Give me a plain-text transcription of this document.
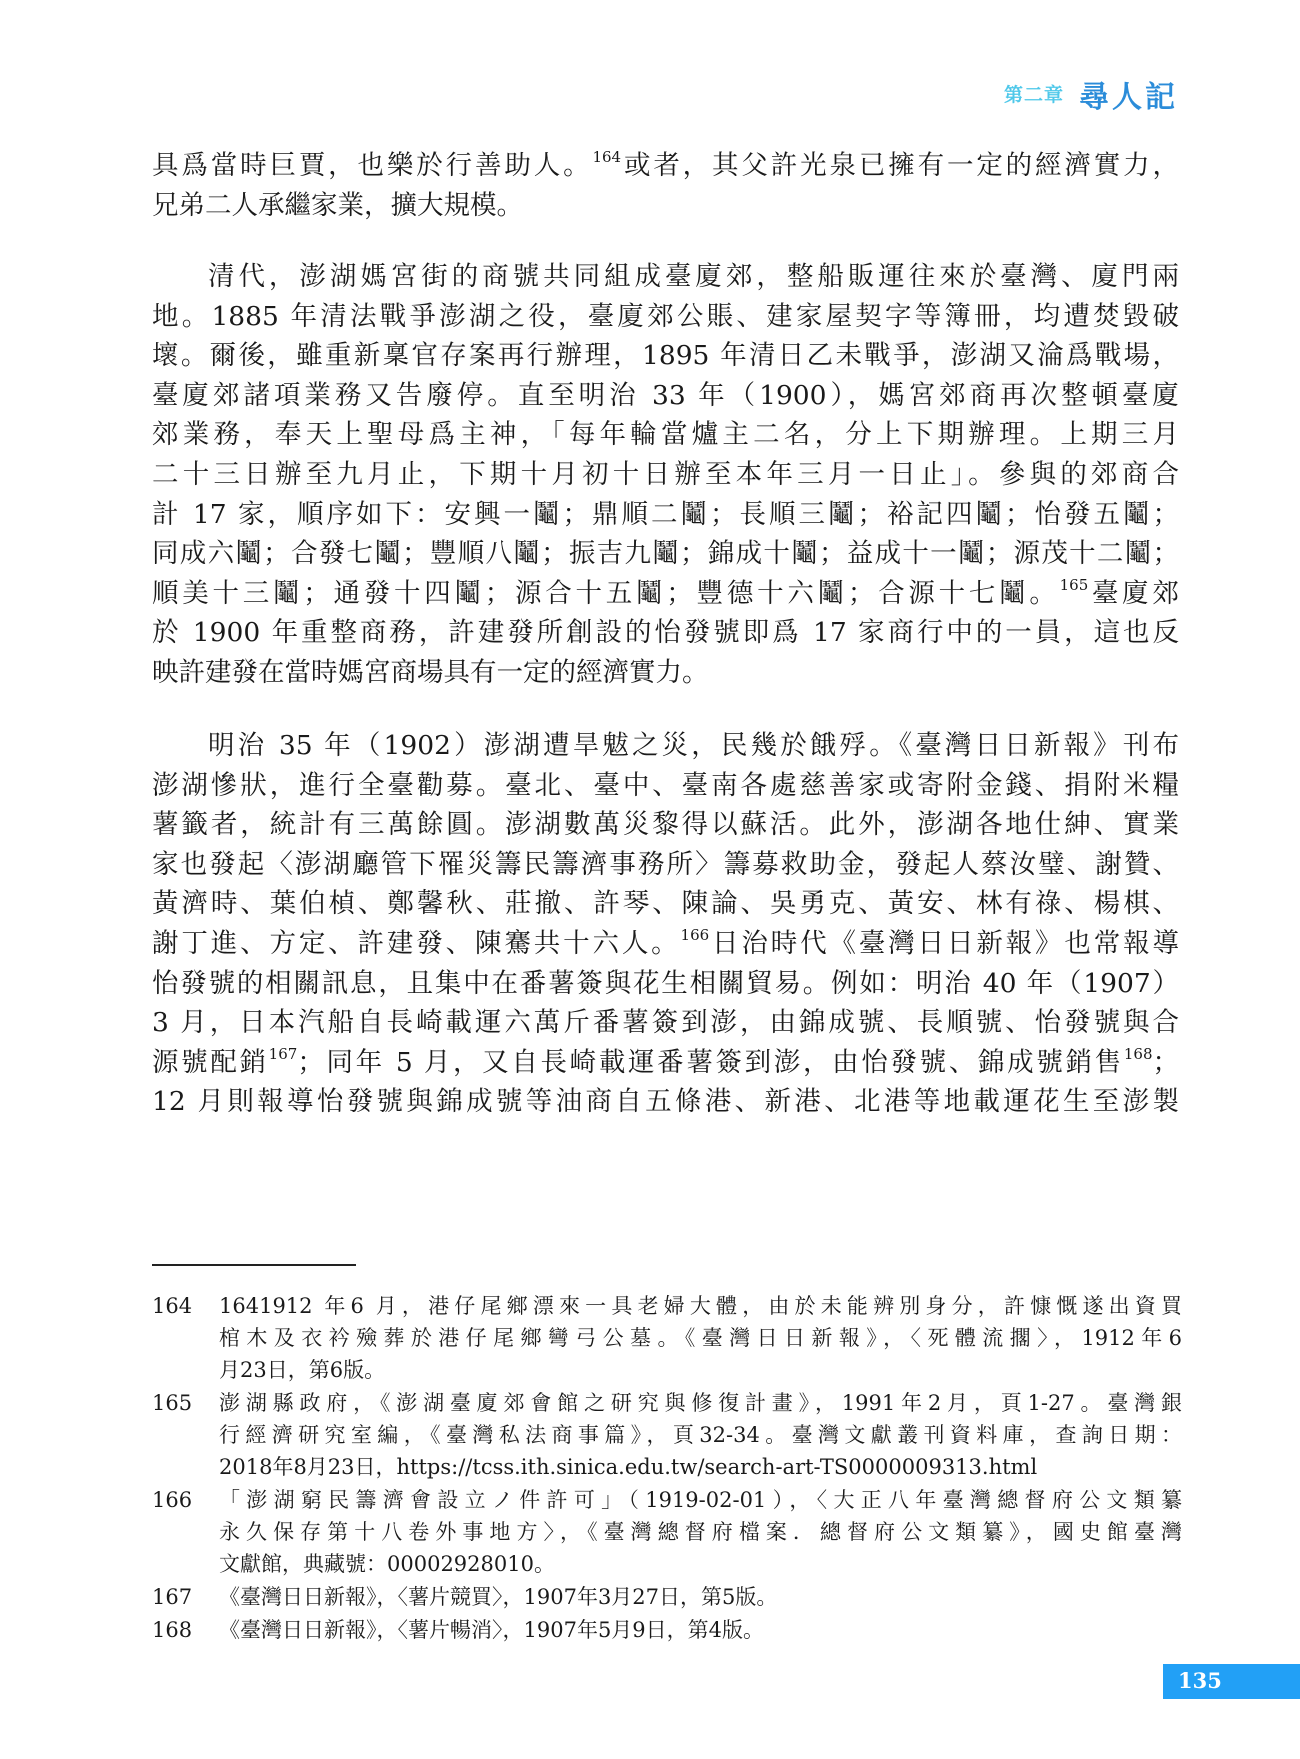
第二章 尋人記
具爲當時巨賈，也樂於行善助人。$^{164}$或者，其父許光泉已擁有一定的經濟實力，
兄弟二人承繼家業，擴大規模。
清代，澎湖媽宮街的商號共同組成臺廈郊，整船販運往來於臺灣、廈門兩
地。1885 年清法戰爭澎湖之役，臺廈郊公賬、建家屋契字等簿冊，均遭焚毀破
壞。爾後，雖重新稟官存案再行辦理，1895 年清日乙未戰爭，澎湖又淪爲戰場，
臺廈郊諸項業務又告廢停。直至明治 33 年（1900），媽宮郊商再次整頓臺廈
郊業務，奉天上聖母爲主神，「每年輪當爐主二名，分上下期辦理。上期三月
二十三日辦至九月止，下期十月初十日辦至本年三月一日止」。參與的郊商合
計 17 家，順序如下：安興一鬮；鼎順二鬮；長順三鬮；裕記四鬮；怡發五鬮；
同成六鬮；合發七鬮；豐順八鬮；振吉九鬮；錦成十鬮；益成十一鬮；源茂十二鬮；
順美十三鬮；通發十四鬮；源合十五鬮；豐德十六鬮；合源十七鬮。$^{165}$臺廈郊
於 1900 年重整商務，許建發所創設的怡發號即爲 17 家商行中的一員，這也反
映許建發在當時媽宮商場具有一定的經濟實力。
明治 35 年（1902）澎湖遭旱魃之災，民幾於餓殍。《臺灣日日新報》刊布
澎湖慘狀，進行全臺勸募。臺北、臺中、臺南各處慈善家或寄附金錢、捐附米糧
薯籤者，統計有三萬餘圓。澎湖數萬災黎得以蘇活。此外，澎湖各地仕紳、實業
家也發起〈澎湖廳管下罹災籌民籌濟事務所〉籌募救助金，發起人蔡汝璧、謝贊、
黃濟時、葉伯楨、鄭馨秋、莊撤、許琴、陳論、吳勇克、黃安、林有祿、楊棋、
謝丁進、方定、許建發、陳騫共十六人。$^{166}$日治時代《臺灣日日新報》也常報導
怡發號的相關訊息，且集中在番薯簽與花生相關貿易。例如：明治 40 年（1907）
3 月，日本汽船自長崎載運六萬斤番薯簽到澎，由錦成號、長順號、怡發號與合
源號配銷$^{167}$；同年 5 月，又自長崎載運番薯簽到澎，由怡發號、錦成號銷售$^{168}$；
12 月則報導怡發號與錦成號等油商自五條港、新港、北港等地載運花生至澎製
164	1641912 年6 月，港仔尾鄉漂來一具老婦大體，由於未能辨別身分，許慷慨遂出資買
棺木及衣衿殮葬於港仔尾鄉彎弓公墓。《臺灣日日新報》，〈死體流擱〉，1912年6
月23日，第6版。
165	澎湖縣政府，《澎湖臺廈郊會館之研究與修復計畫》，1991年2月，頁1-27。臺灣銀
行經濟研究室編，《臺灣私法商事篇》，頁32-34。臺灣文獻叢刊資料庫，查詢日期：
2018年8月23日，https://tcss.ith.sinica.edu.tw/search-art-TS0000009313.html
166	「澎湖窮民籌濟會設立ノ件許可」（1919-02-01），〈大正八年臺灣總督府公文類纂
永久保存第十八卷外事地方〉，《臺灣總督府檔案．總督府公文類纂》，國史館臺灣
文獻館，典藏號：00002928010。
167	《臺灣日日新報》，〈薯片競買〉，1907年3月27日，第5版。
168	《臺灣日日新報》，〈薯片暢消〉，1907年5月9日，第4版。
135
